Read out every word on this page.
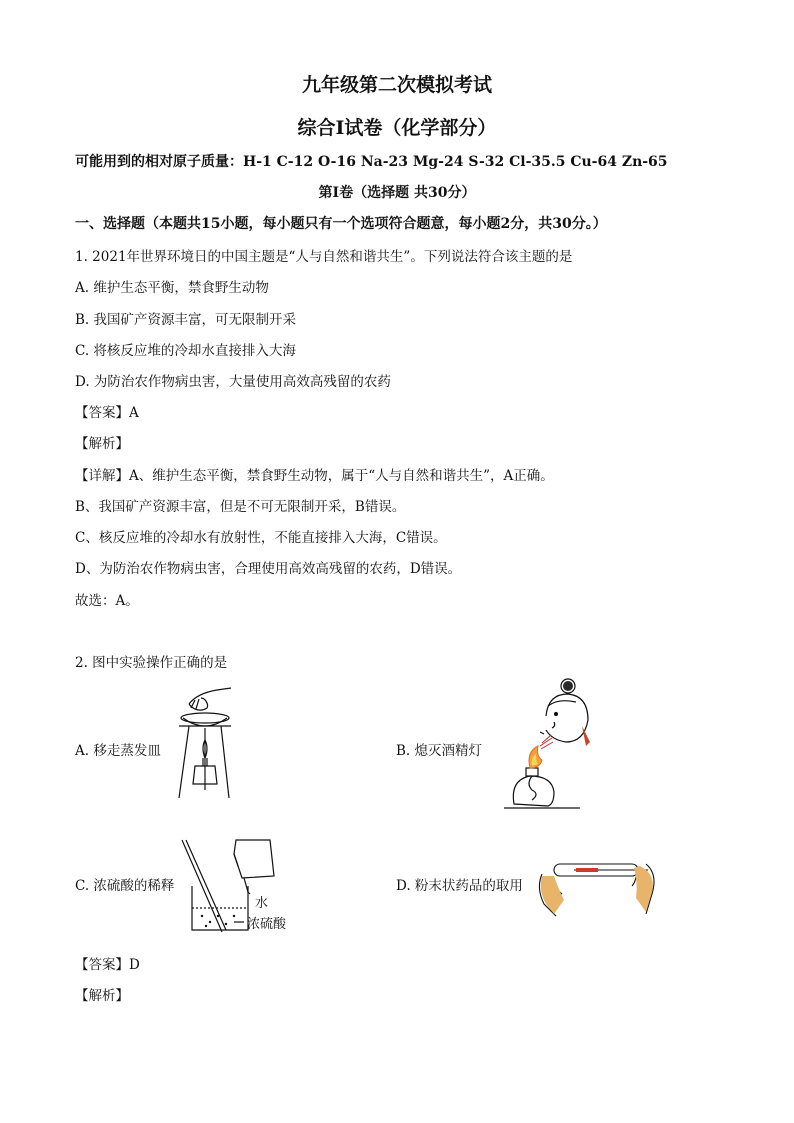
九年级第二次模拟考试
综合I试卷（化学部分）
可能用到的相对原子质量：H-1 C-12 O-16 Na-23 Mg-24 S-32 Cl-35.5 Cu-64 Zn-65
第I卷（选择题 共30分）
一、选择题（本题共15小题，每小题只有一个选项符合题意，每小题2分，共30分。）
1. 2021年世界环境日的中国主题是“人与自然和谐共生”。下列说法符合该主题的是
A. 维护生态平衡，禁食野生动物
B. 我国矿产资源丰富，可无限制开采
C. 将核反应堆的冷却水直接排入大海
D. 为防治农作物病虫害，大量使用高效高残留的农药
【答案】A
【解析】
【详解】A、维护生态平衡，禁食野生动物，属于“人与自然和谐共生”，A正确。
B、我国矿产资源丰富，但是不可无限制开采，B错误。
C、核反应堆的冷却水有放射性，不能直接排入大海，C错误。
D、为防治农作物病虫害，合理使用高效高残留的农药，D错误。
故选：A。
2. 图中实验操作正确的是
A. 移走蒸发皿	B. 熄灭酒精灯
C. 浓硫酸的稀释
水
浓硫酸
D. 粉末状药品的取用
【答案】D
【解析】
